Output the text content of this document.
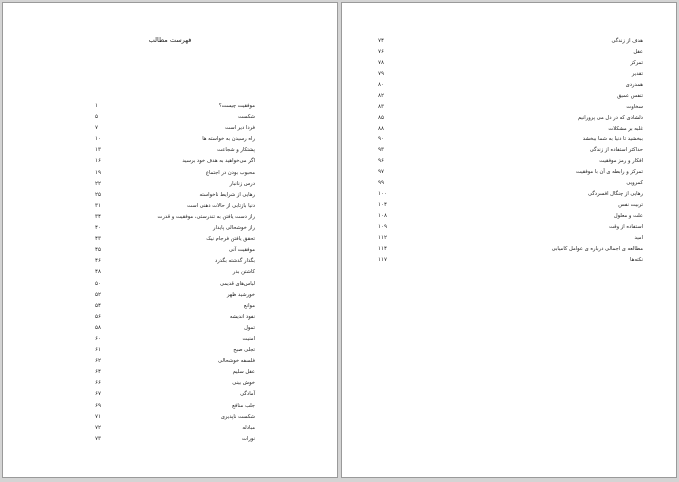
فهرست مطالب
موفقیت چیست؟
۱
شکست
۵
فردا دیر است
۷
راه رسیدن به خواسته ها
۱۰
پشتکار و شجاعت
۱۳
اگر می‌خواهید به هدف خود برسید
۱۶
محبوب بودن در اجتماع
۱۹
درس زنانبار
۲۲
رهایی از شرایط ناخواسته
۲۵
دنیا بازتابی از حالات ذهنی است
۳۱
راز دست یافتن به تندرستی، موفقیت و قدرت
۳۴
راز خوشحالی پایدار
۴۰
تحقق یافتن فرجام نیک
۴۳
موفقیت آنی
۴۵
بگذار گذشته بگذرد
۴۶
کاشتن بذر
۴۸
لباس‌های قدیمی
۵۰
خورشید ظهر
۵۲
موانع
۵۴
نفوذ اندیشه
۵۶
تمول
۵۸
امنیت
۶۰
تجلی صبح
۶۱
فلسفه خوشحالی
۶۲
عقل سلیم
۶۴
خوش بینی
۶۶
آمادگی
۶۷
جلب منافع
۶۹
شکست ناپذیری
۷۱
مبادله
۷۲
نورات
۷۳
هدف از زندگی
۷۴
عقل
۷۶
تمرکز
۷۸
تقدیر
۷۹
همدردی
۸۰
تنفس عمیق
۸۲
سخاوت
۸۳
دلشادی که در دل می پرورانیم
۸۵
غلبه بر مشکلات
۸۸
ببخشید تا دنیا به شما ببخشد
۹۰
حداکثر استفاده از زندگی
۹۳
افکار و رمز موفقیت
۹۶
تمرکز و رابطه ی آن با موفقیت
۹۷
کمرویی
۹۹
رهایی از چنگال افسردگی
۱۰۰
تربیت نفس
۱۰۴
علت و معلول
۱۰۸
استفاده از وقت
۱۰۹
امید
۱۱۲
مطالعه ی اجمالی درباره ی عوامل کامیابی
۱۱۴
نکته‌ها
۱۱۷
